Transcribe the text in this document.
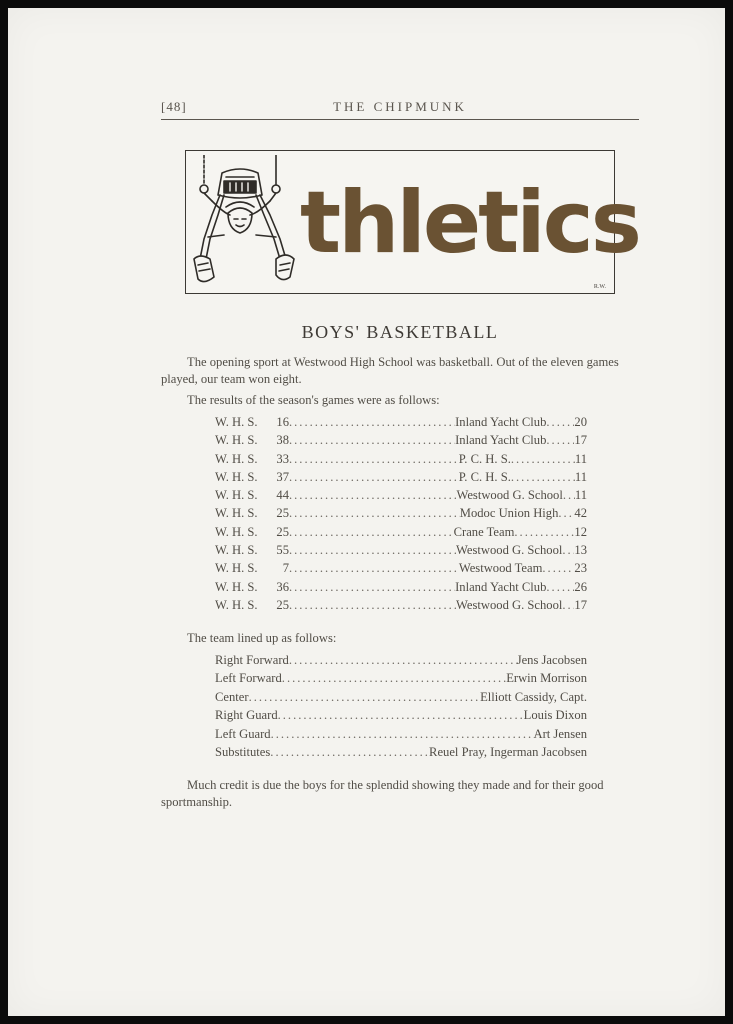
[48]	THE CHIPMUNK
thletics
R.W.
BOYS' BASKETBALL

The opening sport at Westwood High School was basketball. Out of the eleven games played, our team won eight.

The results of the season's games were as follows:

W. H. S.	16 .....	Inland Yacht Club ..... 20
W. H. S.	38 .....	Inland Yacht Club ..... 17
W. H. S.	33 .....	P. C. H. S. .....	11
W. H. S.	37 .....	P. C. H. S. .....	11
W. H. S.	44 .....	Westwood G. School ..... 11
W. H. S.	25 .....	Modoc Union High ..... 42
W. H. S.	25 .....	Crane Team .....	12
W. H. S.	55 .....	Westwood G. School ..... 13
W. H. S.	7 .....	Westwood Team .....	23
W. H. S.	36 .....	Inland Yacht Club ..... 26
W. H. S.	25 .....	Westwood G. School ..... 17

The team lined up as follows:

Right Forward .....	Jens Jacobsen
Left Forward .....	Erwin Morrison
Center .....	Elliott Cassidy, Capt.
Right Guard .....	Louis Dixon
Left Guard .....	Art Jensen
Substitutes .....	Reuel Pray, Ingerman Jacobsen

Much credit is due the boys for the splendid showing they made and for their good sportmanship.
